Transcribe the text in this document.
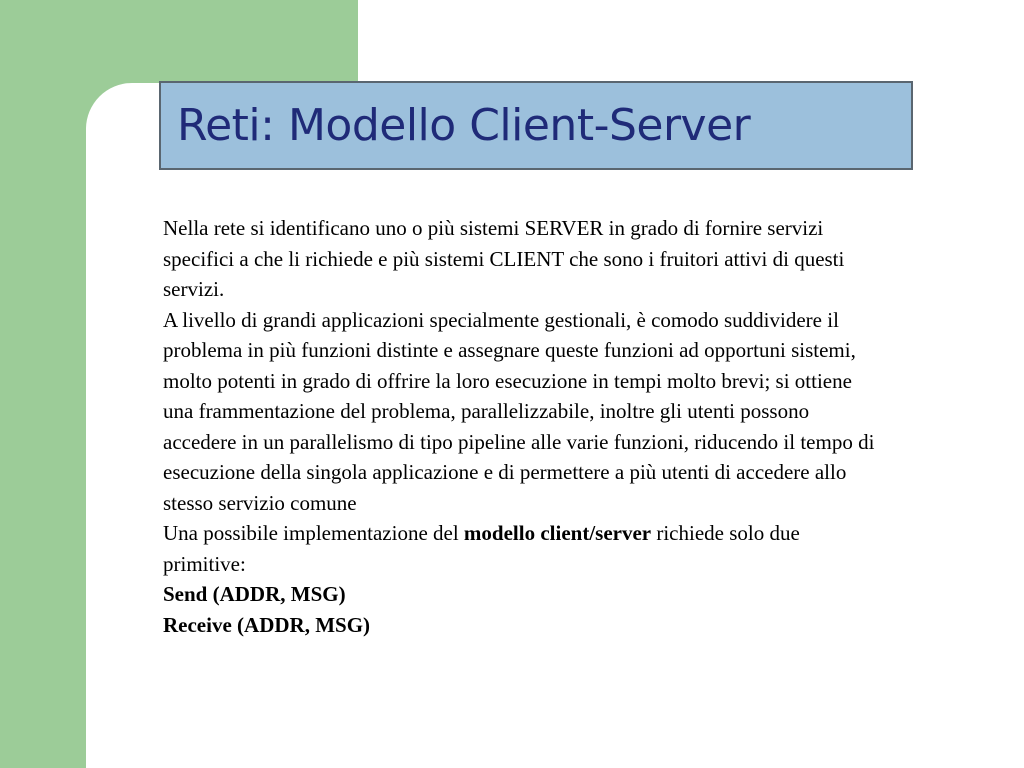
Reti: Modello Client-Server

Nella rete si identificano uno o più sistemi SERVER in grado di fornire servizi specifici a che li richiede e più sistemi CLIENT che sono i fruitori attivi di questi servizi.

A livello di grandi applicazioni specialmente gestionali, è comodo suddividere il problema in più funzioni distinte e assegnare queste funzioni ad opportuni sistemi, molto potenti in grado di offrire la loro esecuzione in tempi molto brevi; si ottiene una frammentazione del problema, parallelizzabile, inoltre gli utenti possono accedere in un parallelismo di tipo pipeline alle varie funzioni, riducendo il tempo di esecuzione della singola applicazione e di permettere a più utenti di accedere allo stesso servizio comune

Una possibile implementazione del modello client/server richiede solo due primitive:

Send (ADDR, MSG)

Receive (ADDR, MSG)
